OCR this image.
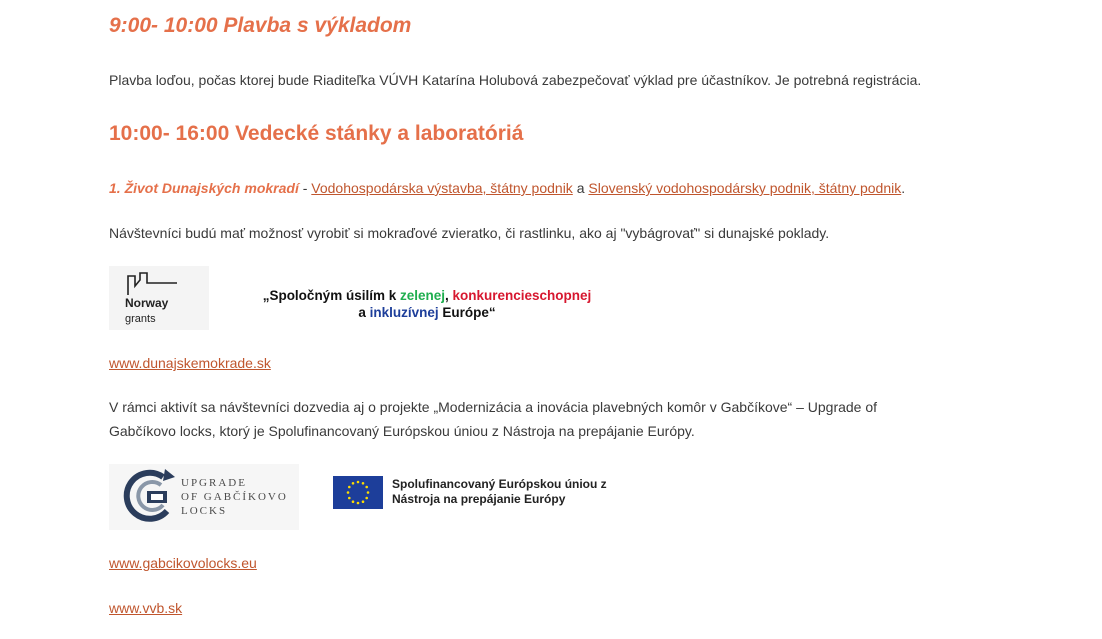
9:00- 10:00 Plavba s výkladom

Plavba loďou, počas ktorej bude Riaditeľka VÚVH Katarína Holubová zabezpečovať výklad pre účastníkov. Je potrebná registrácia.

10:00- 16:00 Vedecké stánky a laboratóriá

1. Život Dunajských mokradí - Vodohospodárska výstavba, štátny podnik a Slovenský vodohospodársky podnik, štátny podnik.

Návštevníci budú mať možnosť vyrobiť si mokraďové zvieratko, či rastlinku, ako aj "vybágrovať" si dunajské poklady.

Norway
grants
„Spoločným úsilím k zelenej, konkurencieschopnej
a inkluzívnej Európe“

www.dunajskemokrade.sk

V rámci aktivít sa návštevníci dozvedia aj o projekte „Modernizácia a inovácia plavebných komôr v Gabčíkove“ – Upgrade of
Gabčíkovo locks, ktorý je Spolufinancovaný Európskou úniou z Nástroja na prepájanie Európy.

UPGRADE
OF GABČÍKOVO
LOCKS
Spolufinancovaný Európskou úniou z
Nástroja na prepájanie Európy

www.gabcikovolocks.eu

www.vvb.sk
